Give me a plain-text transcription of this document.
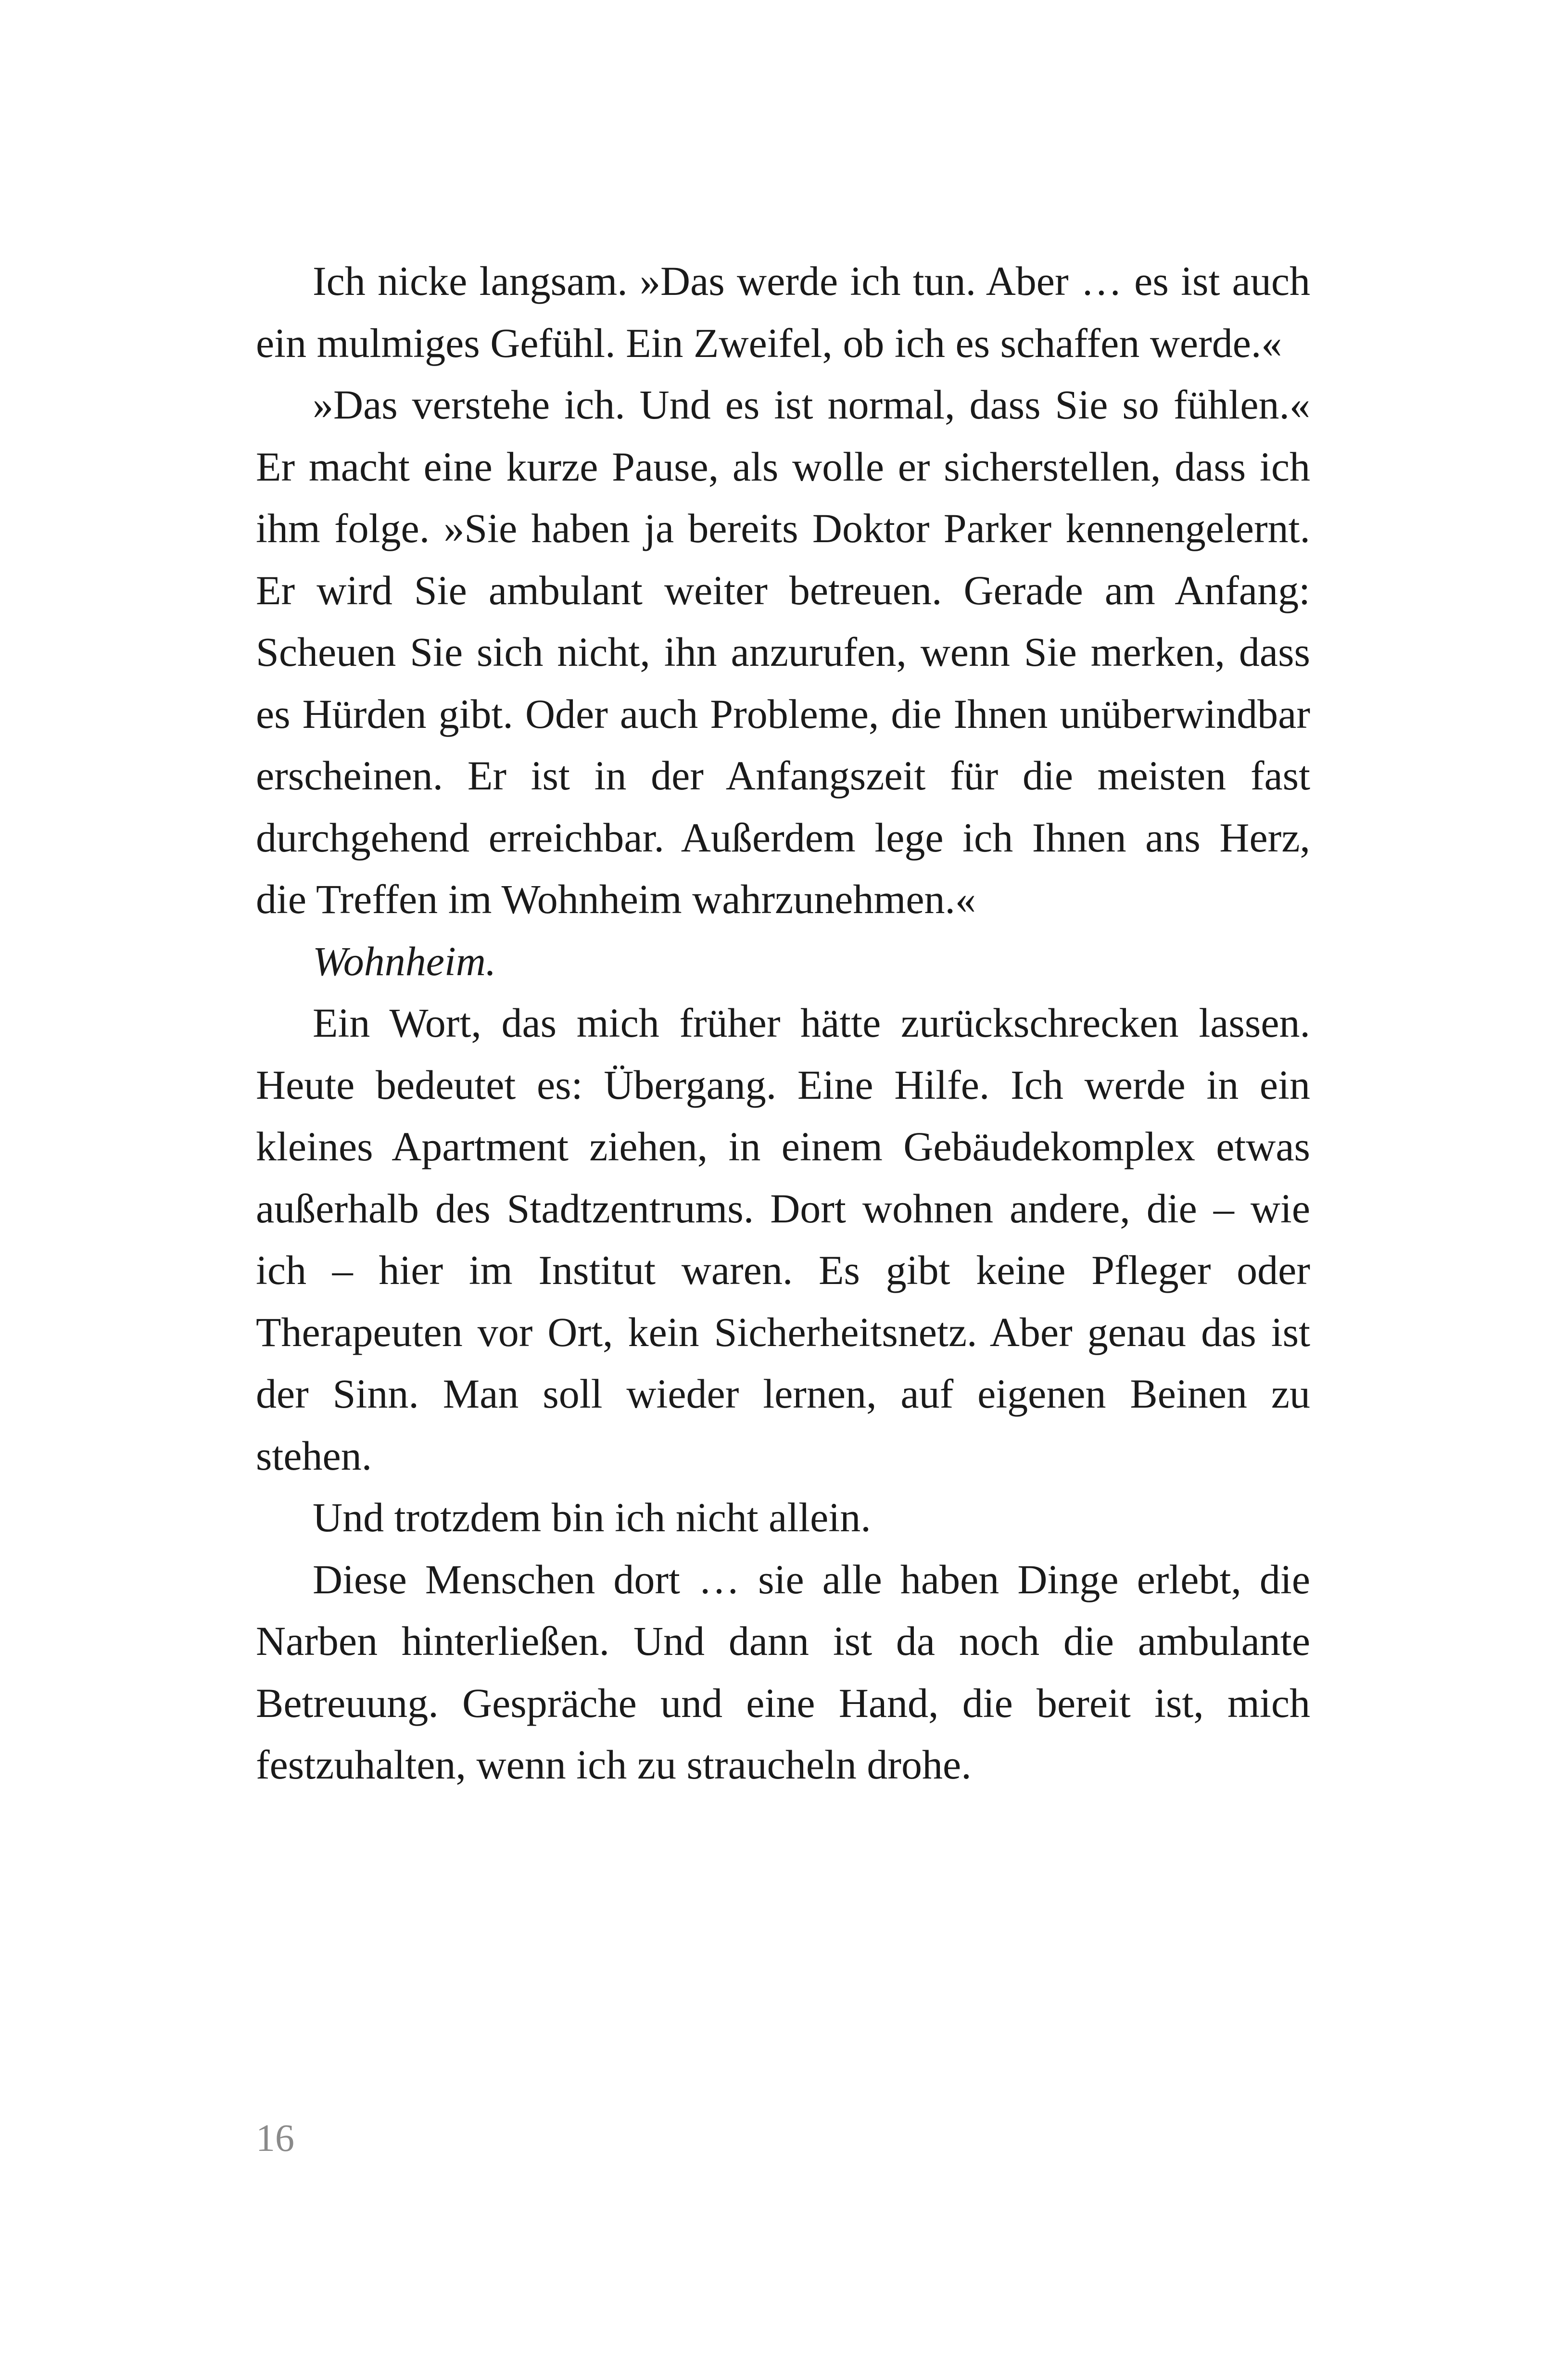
Ich nicke langsam. »Das werde ich tun. Aber … es ist auch ein mulmiges Gefühl. Ein Zweifel, ob ich es schaffen werde.«

»Das verstehe ich. Und es ist normal, dass Sie so fühlen.« Er macht eine kurze Pause, als wolle er sicherstellen, dass ich ihm folge. »Sie haben ja bereits Doktor Parker kennengelernt. Er wird Sie ambulant weiter betreuen. Gerade am Anfang: Scheuen Sie sich nicht, ihn anzurufen, wenn Sie merken, dass es Hürden gibt. Oder auch Probleme, die Ihnen unüberwindbar erscheinen. Er ist in der Anfangszeit für die meisten fast durchgehend erreichbar. Außerdem lege ich Ihnen ans Herz, die Treffen im Wohnheim wahrzunehmen.«

Wohnheim.

Ein Wort, das mich früher hätte zurückschrecken lassen. Heute bedeutet es: Übergang. Eine Hilfe. Ich werde in ein kleines Apartment ziehen, in einem Gebäudekomplex etwas außerhalb des Stadtzentrums. Dort wohnen andere, die – wie ich – hier im Institut waren. Es gibt keine Pfleger oder Therapeuten vor Ort, kein Sicherheitsnetz. Aber genau das ist der Sinn. Man soll wieder lernen, auf eigenen Beinen zu stehen.

Und trotzdem bin ich nicht allein.

Diese Menschen dort … sie alle haben Dinge erlebt, die Narben hinterließen. Und dann ist da noch die ambulante Betreuung. Gespräche und eine Hand, die bereit ist, mich festzuhalten, wenn ich zu straucheln drohe.

16
